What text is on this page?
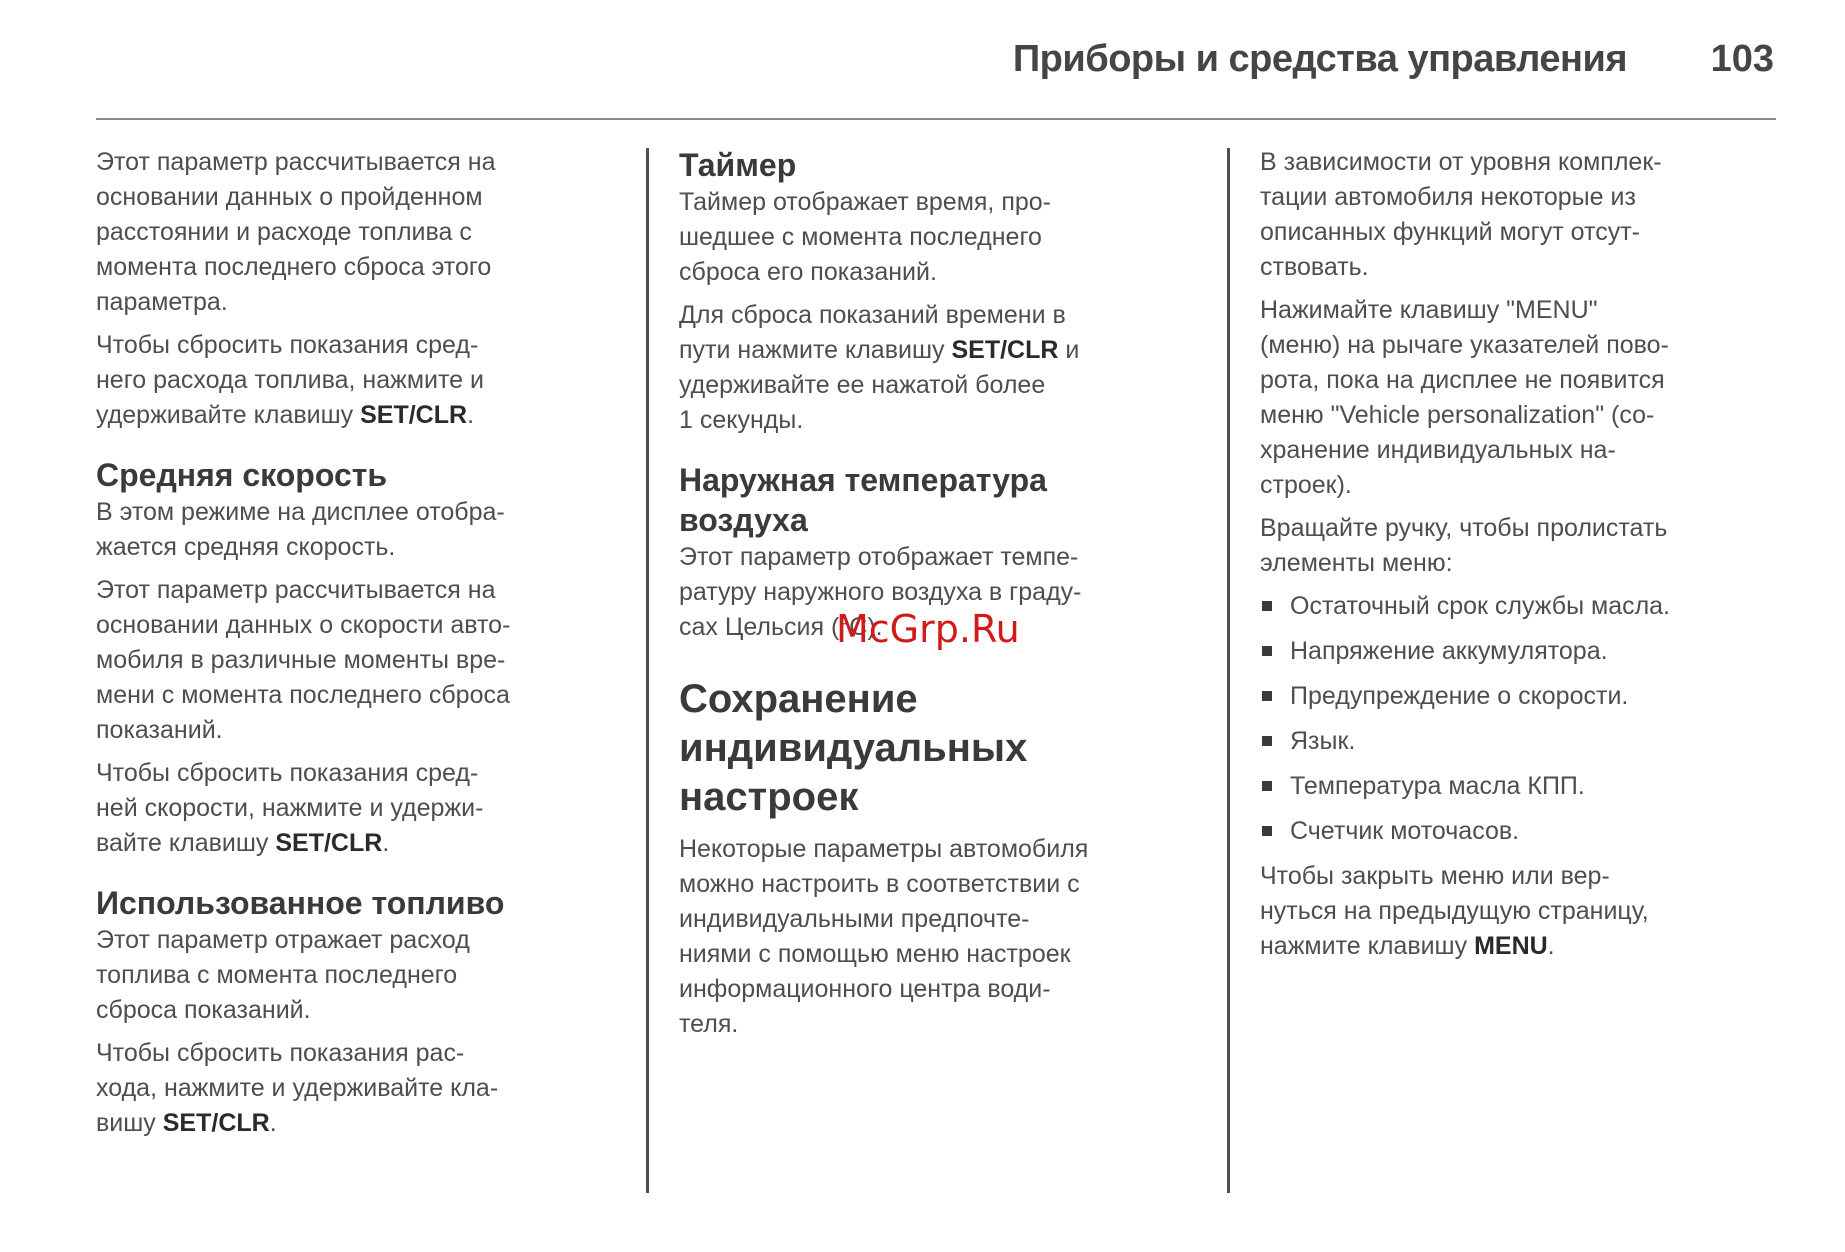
Приборы и средства управления 103

Этот параметр рассчитывается на
основании данных о пройденном
расстоянии и расходе топлива с
момента последнего сброса этого
параметра.

Чтобы сбросить показания сред-
него расхода топлива, нажмите и
удерживайте клавишу SET/CLR.

Средняя скорость

В этом режиме на дисплее отобра-
жается средняя скорость.

Этот параметр рассчитывается на
основании данных о скорости авто-
мобиля в различные моменты вре-
мени с момента последнего сброса
показаний.

Чтобы сбросить показания сред-
ней скорости, нажмите и удержи-
вайте клавишу SET/CLR.

Использованное топливо

Этот параметр отражает расход
топлива с момента последнего
сброса показаний.

Чтобы сбросить показания рас-
хода, нажмите и удерживайте кла-
вишу SET/CLR.

Таймер

Таймер отображает время, про-
шедшее с момента последнего
сброса его показаний.

Для сброса показаний времени в
пути нажмите клавишу SET/CLR и
удерживайте ее нажатой более
1 секунды.

Наружная температура
воздуха

Этот параметр отображает темпе-
ратуру наружного воздуха в граду-
сах Цельсия (°C).

Сохранение
индивидуальных
настроек

Некоторые параметры автомобиля
можно настроить в соответствии с
индивидуальными предпочте-
ниями с помощью меню настроек
информационного центра води-
теля.

В зависимости от уровня комплек-
тации автомобиля некоторые из
описанных функций могут отсут-
ствовать.

Нажимайте клавишу "MENU"
(меню) на рычаге указателей пово-
рота, пока на дисплее не появится
меню "Vehicle personalization" (со-
хранение индивидуальных на-
строек).

Вращайте ручку, чтобы пролистать
элементы меню:

Остаточный срок службы масла.
Напряжение аккумулятора.
Предупреждение о скорости.
Язык.
Температура масла КПП.
Счетчик моточасов.

Чтобы закрыть меню или вер-
нуться на предыдущую страницу,
нажмите клавишу MENU.

McGrp.Ru
